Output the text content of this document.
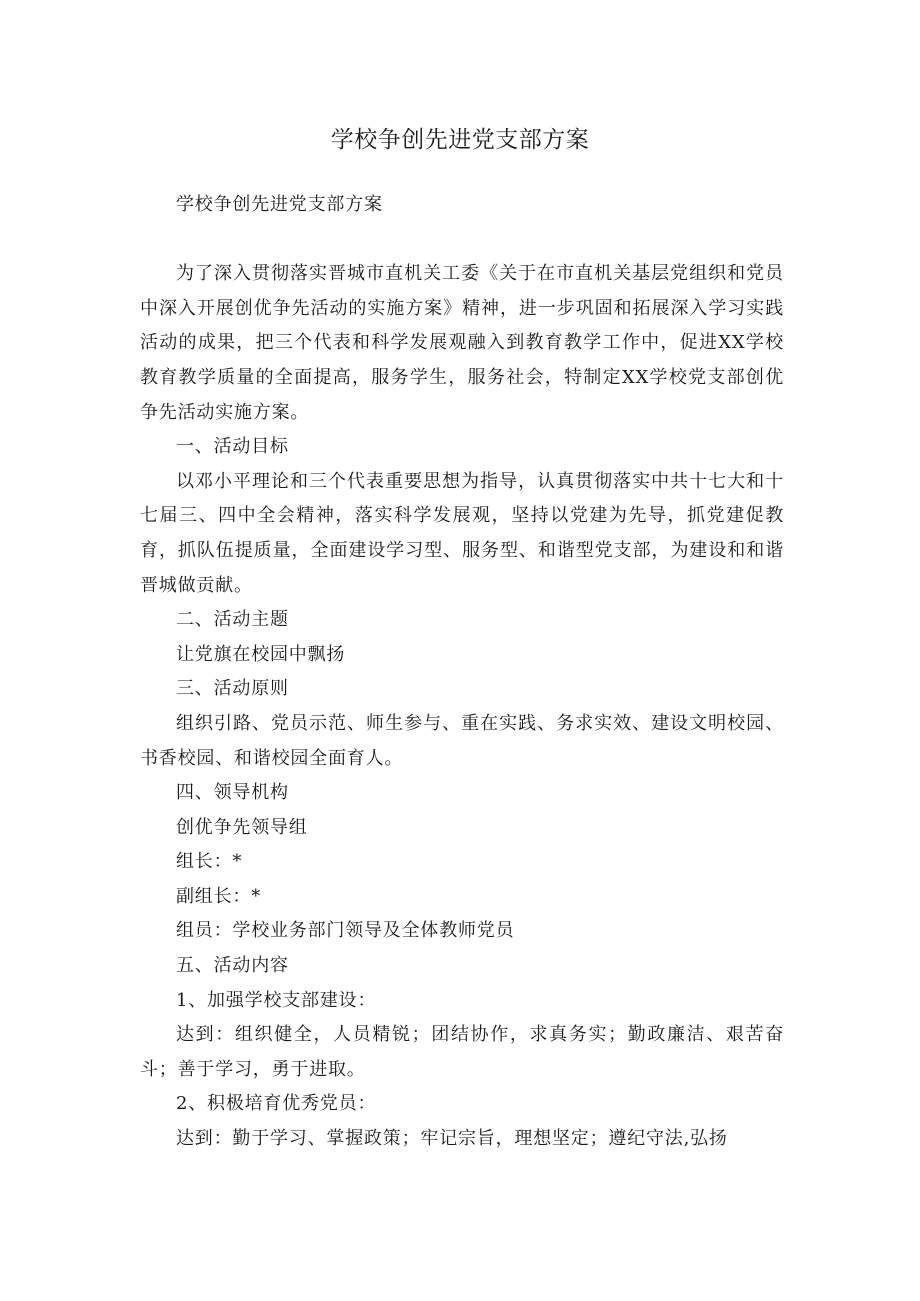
学校争创先进党支部方案

学校争创先进党支部方案

为了深入贯彻落实晋城市直机关工委《关于在市直机关基层党组织和党员中深入开展创优争先活动的实施方案》精神，进一步巩固和拓展深入学习实践活动的成果，把三个代表和科学发展观融入到教育教学工作中，促进XX学校教育教学质量的全面提高，服务学生，服务社会，特制定XX学校党支部创优争先活动实施方案。

一、活动目标

以邓小平理论和三个代表重要思想为指导，认真贯彻落实中共十七大和十七届三、四中全会精神，落实科学发展观，坚持以党建为先导，抓党建促教育，抓队伍提质量，全面建设学习型、服务型、和谐型党支部，为建设和和谐晋城做贡献。

二、活动主题

让党旗在校园中飘扬

三、活动原则

组织引路、党员示范、师生参与、重在实践、务求实效、建设文明校园、书香校园、和谐校园全面育人。

四、领导机构

创优争先领导组

组长：*

副组长：*

组员：学校业务部门领导及全体教师党员

五、活动内容

1、加强学校支部建设：

达到：组织健全，人员精锐；团结协作，求真务实；勤政廉洁、艰苦奋斗；善于学习，勇于进取。

2、积极培育优秀党员：

达到：勤于学习、掌握政策；牢记宗旨，理想坚定；遵纪守法,弘扬
